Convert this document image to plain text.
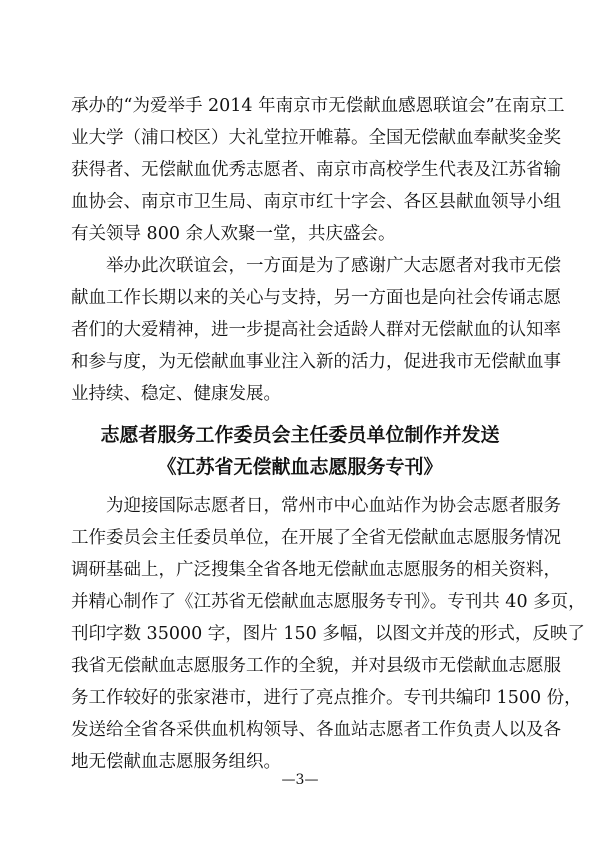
承办的“为爱举手 2014 年南京市无偿献血感恩联谊会”在南京工
业大学（浦口校区）大礼堂拉开帷幕。全国无偿献血奉献奖金奖
获得者、无偿献血优秀志愿者、南京市高校学生代表及江苏省输
血协会、南京市卫生局、南京市红十字会、各区县献血领导小组
有关领导 800 余人欢聚一堂，共庆盛会。
举办此次联谊会，一方面是为了感谢广大志愿者对我市无偿
献血工作长期以来的关心与支持，另一方面也是向社会传诵志愿
者们的大爱精神，进一步提高社会适龄人群对无偿献血的认知率
和参与度，为无偿献血事业注入新的活力，促进我市无偿献血事
业持续、稳定、健康发展。
志愿者服务工作委员会主任委员单位制作并发送
《江苏省无偿献血志愿服务专刊》
为迎接国际志愿者日，常州市中心血站作为协会志愿者服务
工作委员会主任委员单位，在开展了全省无偿献血志愿服务情况
调研基础上，广泛搜集全省各地无偿献血志愿服务的相关资料，
并精心制作了《江苏省无偿献血志愿服务专刊》。专刊共 40 多页，
刊印字数 35000 字，图片 150 多幅，以图文并茂的形式，反映了
我省无偿献血志愿服务工作的全貌，并对县级市无偿献血志愿服
务工作较好的张家港市，进行了亮点推介。专刊共编印 1500 份，
发送给全省各采供血机构领导、各血站志愿者工作负责人以及各
地无偿献血志愿服务组织。
—3—
